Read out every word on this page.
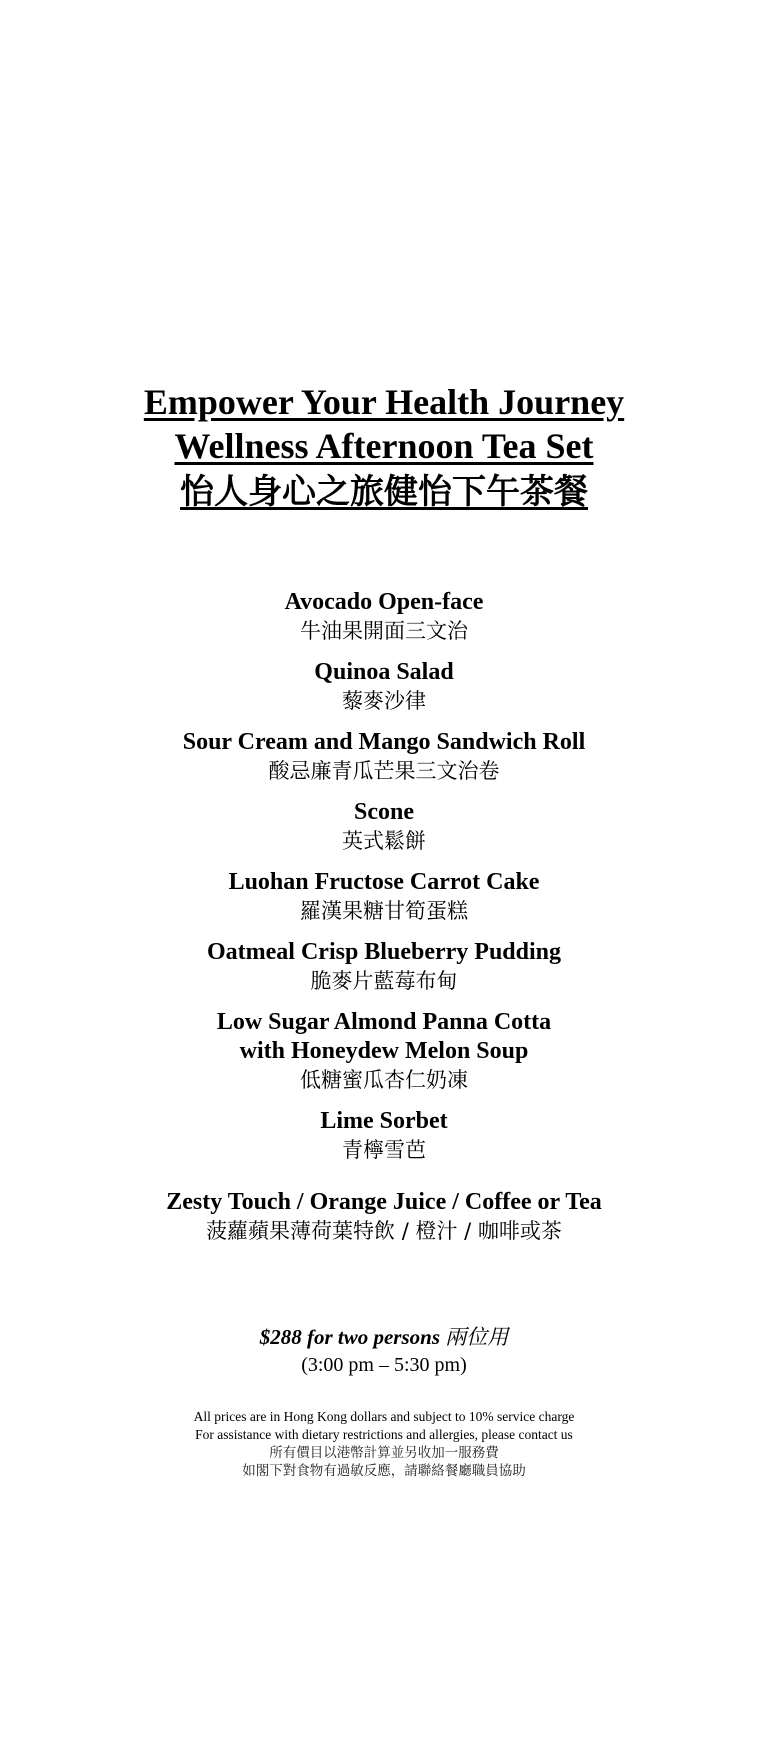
Empower Your Health Journey
Wellness Afternoon Tea Set
怡人身心之旅健怡下午茶餐
Avocado Open-face
牛油果開面三文治
Quinoa Salad
藜麥沙律
Sour Cream and Mango Sandwich Roll
酸忌廉青瓜芒果三文治卷
Scone
英式鬆餅
Luohan Fructose Carrot Cake
羅漢果糖甘筍蛋糕
Oatmeal Crisp Blueberry Pudding
脆麥片藍莓布甸
Low Sugar Almond Panna Cotta
with Honeydew Melon Soup
低糖蜜瓜杏仁奶凍
Lime Sorbet
青檸雪芭
Zesty Touch / Orange Juice / Coffee or Tea
菠蘿蘋果薄荷葉特飲 / 橙汁 / 咖啡或茶
$288 for two persons 兩位用
(3:00 pm – 5:30 pm)
All prices are in Hong Kong dollars and subject to 10% service charge
For assistance with dietary restrictions and allergies, please contact us
所有價目以港幣計算並另收加一服務費
如閣下對食物有過敏反應，請聯絡餐廳職員協助
